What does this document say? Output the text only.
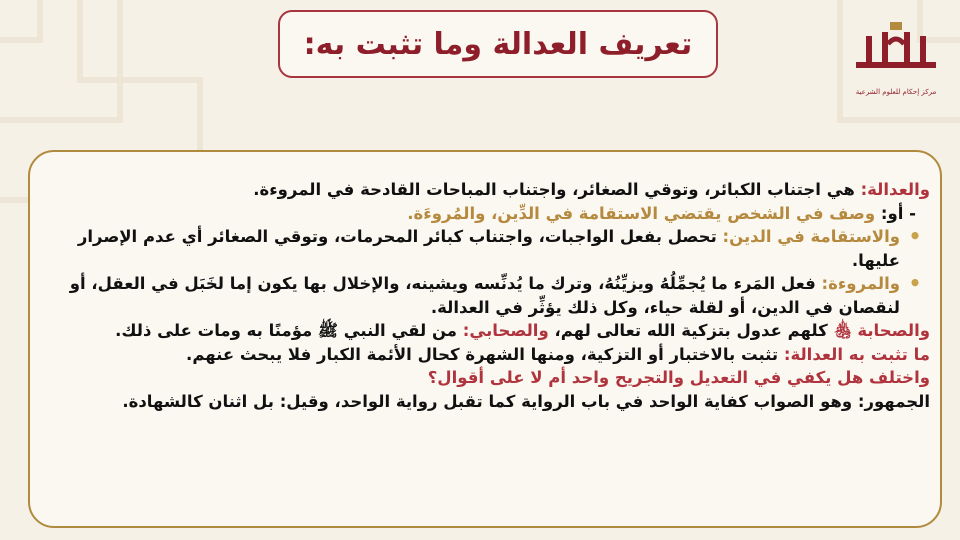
تعريف العدالة وما تثبت به:
مركز إحكام للعلوم الشرعية
والعدالة: هي اجتناب الكبائر، وتوقي الصغائر، واجتناب المباحات القادحة في المروءة.
- أو: وصف في الشخص يقتضي الاستقامة في الدِّين، والمُروءَة.
•
والاستقامة في الدين: تحصل بفعل الواجبات، واجتناب كبائر المحرمات، وتوقي الصغائر أي عدم الإصرار عليها.
•
والمروءة: فعل المَرء ما يُجمِّلُهُ ويزيِّنُهُ، وترك ما يُدنِّسه ويشينه، والإخلال بها يكون إما لخَبَل في العقل، أو لنقصان في الدين، أو لقلة حياء، وكل ذلك يؤثِّر في العدالة.
والصحابة ﵃ كلهم عدول بتزكية الله تعالى لهم، والصحابي: من لقي النبي ﷺ مؤمنًا به ومات على ذلك.
ما تثبت به العدالة: تثبت بالاختبار أو التزكية، ومنها الشهرة كحال الأئمة الكبار فلا يبحث عنهم.
واختلف هل يكفي في التعديل والتجريح واحد أم لا على أقوال؟
الجمهور: وهو الصواب كفاية الواحد في باب الرواية كما تقبل رواية الواحد، وقيل: بل اثنان كالشهادة.
